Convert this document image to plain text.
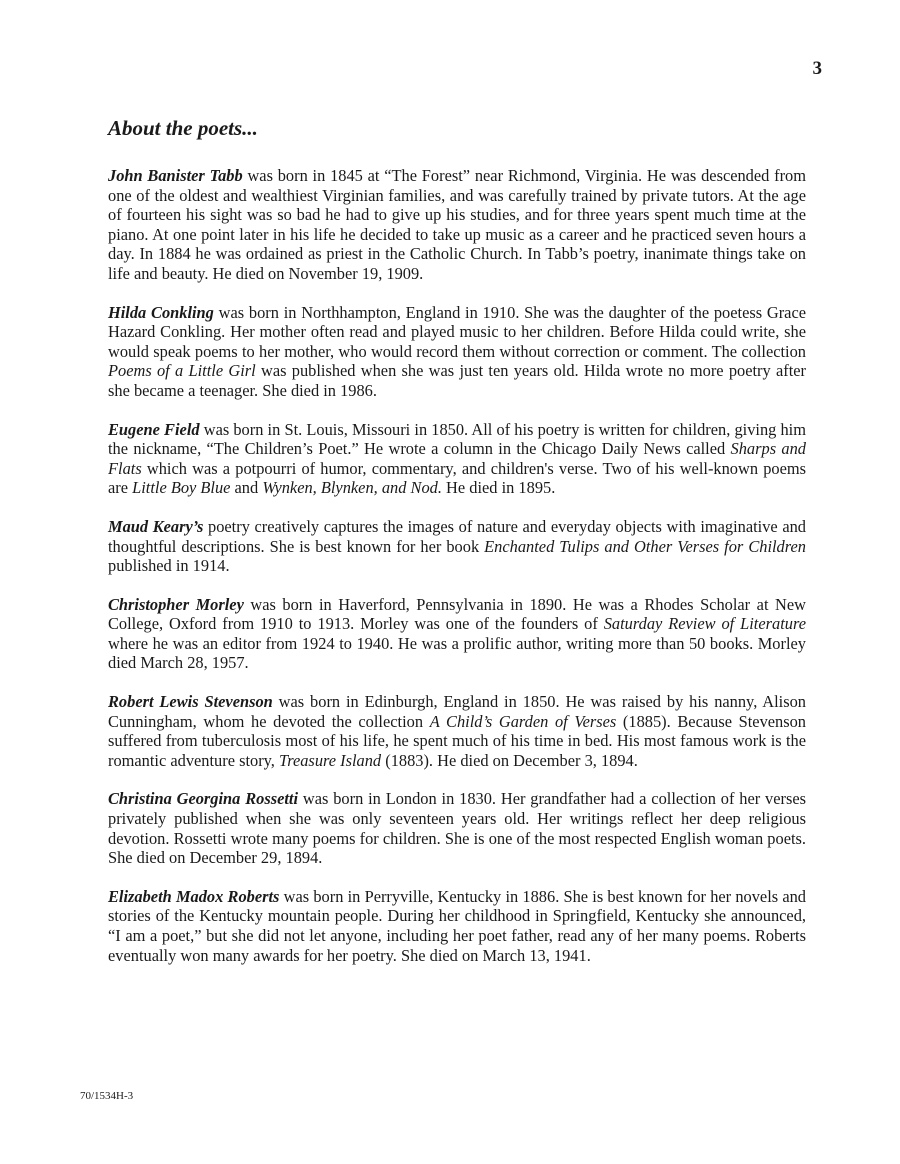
3
About the poets...

John Banister Tabb was born in 1845 at “The Forest” near Richmond, Virginia. He was descended from one of the oldest and wealthiest Virginian families, and was carefully trained by private tutors. At the age of fourteen his sight was so bad he had to give up his studies, and for three years spent much time at the piano. At one point later in his life he decided to take up music as a career and he practiced seven hours a day. In 1884 he was ordained as priest in the Catholic Church. In Tabb’s poetry, inanimate things take on life and beauty. He died on November 19, 1909.

Hilda Conkling was born in Northhampton, England in 1910. She was the daughter of the poetess Grace Hazard Conkling. Her mother often read and played music to her children. Before Hilda could write, she would speak poems to her mother, who would record them without correction or comment. The collection Poems of a Little Girl was published when she was just ten years old. Hilda wrote no more poetry after she became a teenager. She died in 1986.

Eugene Field was born in St. Louis, Missouri in 1850. All of his poetry is written for children, giving him the nickname, “The Children’s Poet.” He wrote a column in the Chicago Daily News called Sharps and Flats which was a potpourri of humor, commentary, and children's verse. Two of his well-known poems are Little Boy Blue and Wynken, Blynken, and Nod. He died in 1895.

Maud Keary’s poetry creatively captures the images of nature and everyday objects with imaginative and thoughtful descriptions. She is best known for her book Enchanted Tulips and Other Verses for Children published in 1914.

Christopher Morley was born in Haverford, Pennsylvania in 1890. He was a Rhodes Scholar at New College, Oxford from 1910 to 1913. Morley was one of the founders of Saturday Review of Literature where he was an editor from 1924 to 1940. He was a prolific author, writing more than 50 books. Morley died March 28, 1957.

Robert Lewis Stevenson was born in Edinburgh, England in 1850. He was raised by his nanny, Alison Cunningham, whom he devoted the collection A Child’s Garden of Verses (1885). Because Stevenson suffered from tuberculosis most of his life, he spent much of his time in bed. His most famous work is the romantic adventure story, Treasure Island (1883). He died on December 3, 1894.

Christina Georgina Rossetti was born in London in 1830. Her grandfather had a collection of her verses privately published when she was only seventeen years old. Her writings reflect her deep religious devotion. Rossetti wrote many poems for children. She is one of the most respected English woman poets. She died on December 29, 1894.

Elizabeth Madox Roberts was born in Perryville, Kentucky in 1886. She is best known for her novels and stories of the Kentucky mountain people. During her childhood in Springfield, Kentucky she announced, “I am a poet,” but she did not let anyone, including her poet father, read any of her many poems. Roberts eventually won many awards for her poetry. She died on March 13, 1941.

70/1534H-3
